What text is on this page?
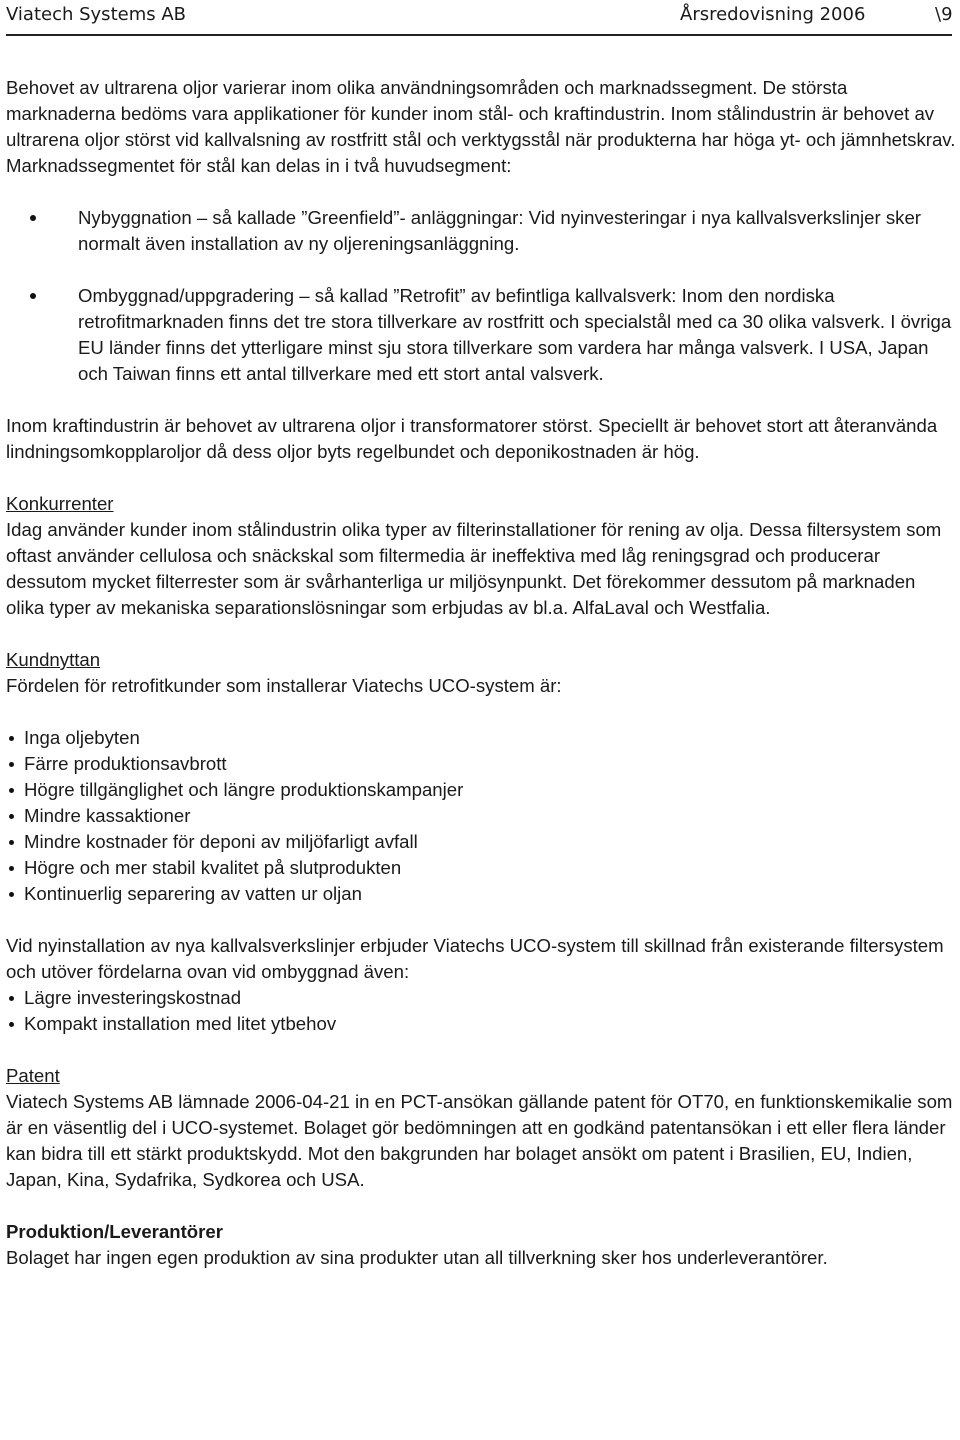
Viatech Systems AB	Årsredovisning 2006	\9

Behovet av ultrarena oljor varierar inom olika användningsområden och marknadssegment. De största marknaderna bedöms vara applikationer för kunder inom stål- och kraftindustrin. Inom stålindustrin är behovet av ultrarena oljor störst vid kallvalsning av rostfritt stål och verktygsstål när produkterna har höga yt- och jämnhetskrav. Marknadssegmentet för stål kan delas in i två huvudsegment:

Nybyggnation – så kallade ”Greenfield”- anläggningar: Vid nyinvesteringar i nya kallvalsverkslinjer sker normalt även installation av ny oljereningsanläggning.
Ombyggnad/uppgradering – så kallad ”Retrofit” av befintliga kallvalsverk: Inom den nordiska retrofitmarknaden finns det tre stora tillverkare av rostfritt och specialstål med ca 30 olika valsverk. I övriga EU länder finns det ytterligare minst sju stora tillverkare som vardera har många valsverk. I USA, Japan och Taiwan finns ett antal tillverkare med ett stort antal valsverk.

Inom kraftindustrin är behovet av ultrarena oljor i transformatorer störst. Speciellt är behovet stort att återanvända lindningsomkopplaroljor då dess oljor byts regelbundet och deponikostnaden är hög.

Konkurrenter

Idag använder kunder inom stålindustrin olika typer av filterinstallationer för rening av olja. Dessa filtersystem som oftast använder cellulosa och snäckskal som filtermedia är ineffektiva med låg reningsgrad och producerar dessutom mycket filterrester som är svårhanterliga ur miljösynpunkt. Det förekommer dessutom på marknaden olika typer av mekaniska separationslösningar som erbjudas av bl.a. AlfaLaval och Westfalia.

Kundnyttan

Fördelen för retrofitkunder som installerar Viatechs UCO-system är:

Inga oljebyten
Färre produktionsavbrott
Högre tillgänglighet och längre produktionskampanjer
Mindre kassaktioner
Mindre kostnader för deponi av miljöfarligt avfall
Högre och mer stabil kvalitet på slutprodukten
Kontinuerlig separering av vatten ur oljan

Vid nyinstallation av nya kallvalsverkslinjer erbjuder Viatechs UCO-system till skillnad från existerande filtersystem och utöver fördelarna ovan vid ombyggnad även:

Lägre investeringskostnad
Kompakt installation med litet ytbehov

Patent

Viatech Systems AB lämnade 2006-04-21 in en PCT-ansökan gällande patent för OT70, en funktionskemikalie som är en väsentlig del i UCO-systemet. Bolaget gör bedömningen att en godkänd patentansökan i ett eller flera länder kan bidra till ett stärkt produktskydd. Mot den bakgrunden har bolaget ansökt om patent i Brasilien, EU, Indien, Japan, Kina, Sydafrika, Sydkorea och USA.

Produktion/Leverantörer

Bolaget har ingen egen produktion av sina produkter utan all tillverkning sker hos underleverantörer.
